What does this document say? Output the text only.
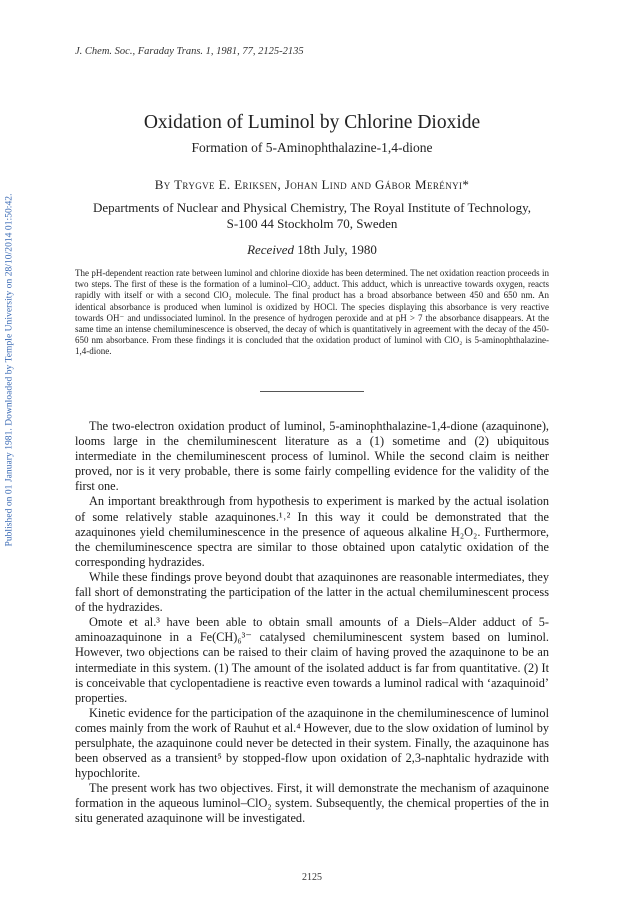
Published on 01 January 1981. Downloaded by Temple University on 28/10/2014 01:50:42.
J. Chem. Soc., Faraday Trans. 1, 1981, 77, 2125-2135
Oxidation of Luminol by Chlorine Dioxide
Formation of 5-Aminophthalazine-1,4-dione
By Trygve E. Eriksen, Johan Lind and Gábor Merényi*
Departments of Nuclear and Physical Chemistry, The Royal Institute of Technology, S-100 44 Stockholm 70, Sweden
Received 18th July, 1980
The pH-dependent reaction rate between luminol and chlorine dioxide has been determined. The net oxidation reaction proceeds in two steps. The first of these is the formation of a luminol–ClO₂ adduct. This adduct, which is unreactive towards oxygen, reacts rapidly with itself or with a second ClO₂ molecule. The final product has a broad absorbance between 450 and 650 nm. An identical absorbance is produced when luminol is oxidized by HOCl. The species displaying this absorbance is very reactive towards OH⁻ and undissociated luminol. In the presence of hydrogen peroxide and at pH > 7 the absorbance disappears. At the same time an intense chemiluminescence is observed, the decay of which is quantitatively in agreement with the decay of the 450-650 nm absorbance. From these findings it is concluded that the oxidation product of luminol with ClO₂ is 5-aminophthalazine-1,4-dione.

The two-electron oxidation product of luminol, 5-aminophthalazine-1,4-dione (azaquinone), looms large in the chemiluminescent literature as a (1) sometime and (2) ubiquitous intermediate in the chemiluminescent process of luminol. While the second claim is neither proved, nor is it very probable, there is some fairly compelling evidence for the validity of the first one.

An important breakthrough from hypothesis to experiment is marked by the actual isolation of some relatively stable azaquinones.¹˒² In this way it could be demonstrated that the azaquinones yield chemiluminescence in the presence of aqueous alkaline H₂O₂. Furthermore, the chemiluminescence spectra are similar to those obtained upon catalytic oxidation of the corresponding hydrazides.

While these findings prove beyond doubt that azaquinones are reasonable intermediates, they fall short of demonstrating the participation of the latter in the actual chemiluminescent process of the hydrazides.

Omote et al.³ have been able to obtain small amounts of a Diels–Alder adduct of 5-aminoazaquinone in a Fe(CH)₆³⁻ catalysed chemiluminescent system based on luminol. However, two objections can be raised to their claim of having proved the azaquinone to be an intermediate in this system. (1) The amount of the isolated adduct is far from quantitative. (2) It is conceivable that cyclopentadiene is reactive even towards a luminol radical with ‘azaquinoid’ properties.

Kinetic evidence for the participation of the azaquinone in the chemiluminescence of luminol comes mainly from the work of Rauhut et al.⁴ However, due to the slow oxidation of luminol by persulphate, the azaquinone could never be detected in their system. Finally, the azaquinone has been observed as a transient⁵ by stopped-flow upon oxidation of 2,3-naphtalic hydrazide with hypochlorite.

The present work has two objectives. First, it will demonstrate the mechanism of azaquinone formation in the aqueous luminol–ClO₂ system. Subsequently, the chemical properties of the in situ generated azaquinone will be investigated.

2125
